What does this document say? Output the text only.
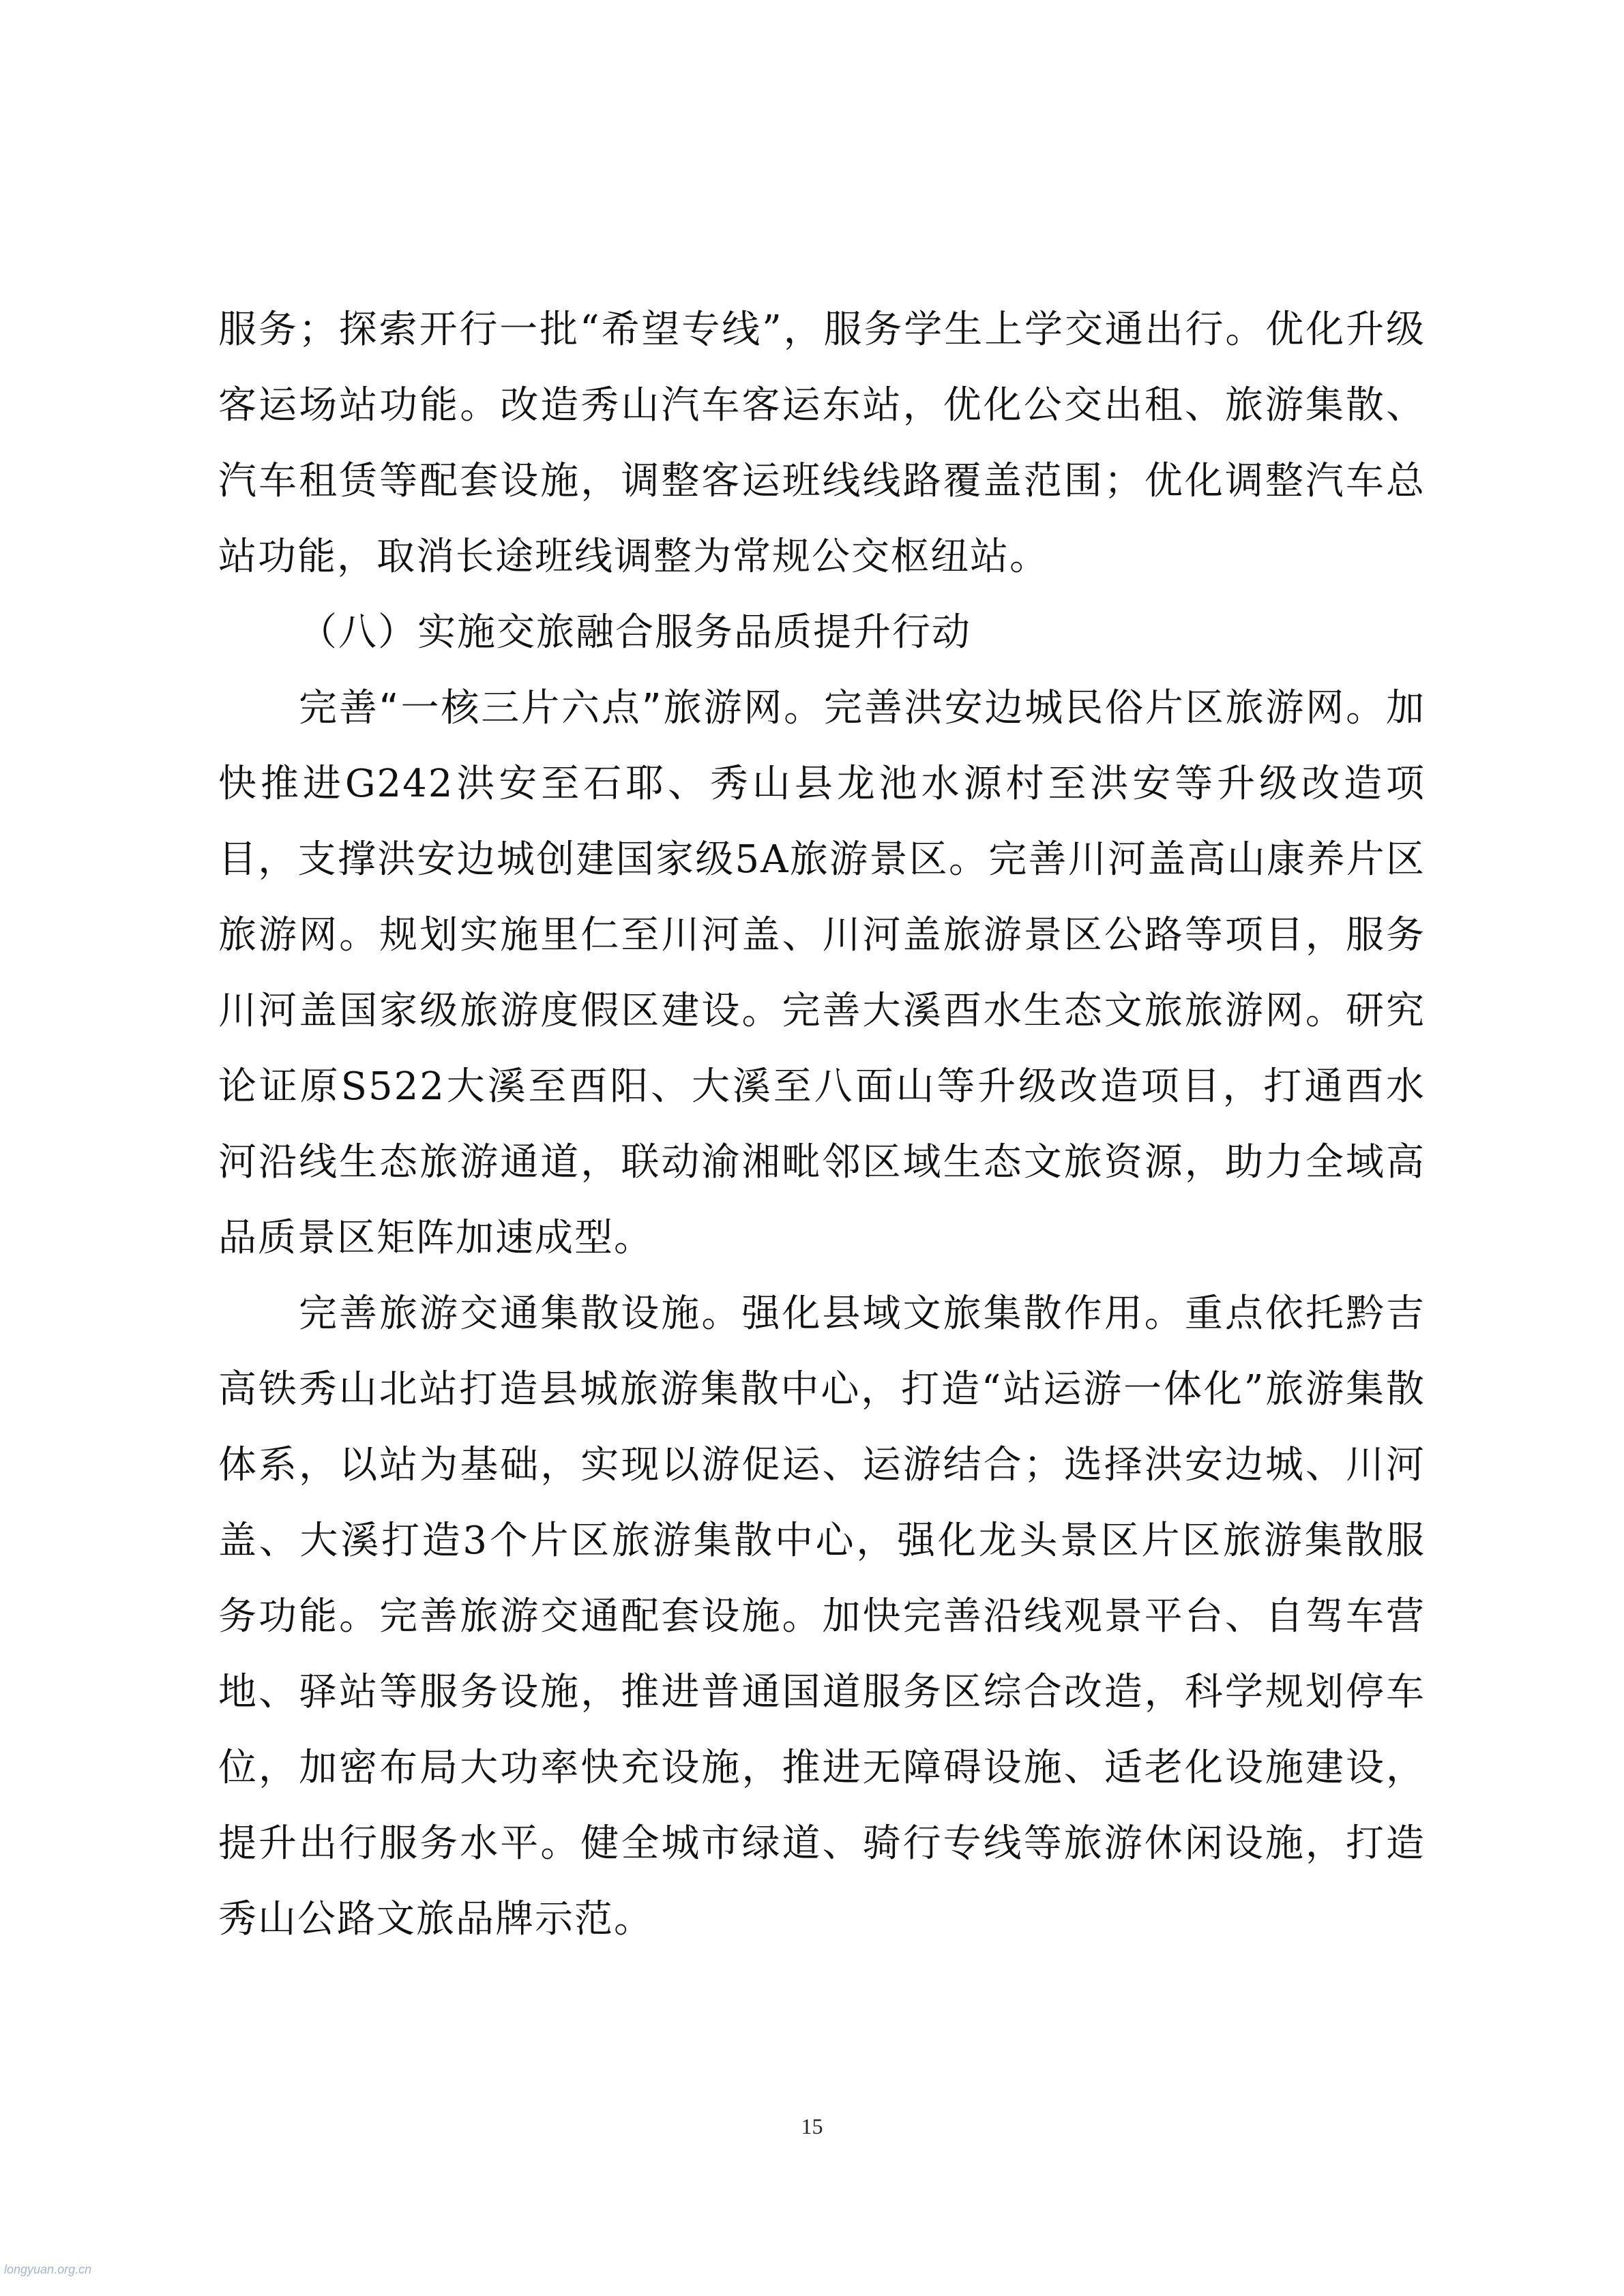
服务；探索开行一批“希望专线”，服务学生上学交通出行。优化升级客运场站功能。改造秀山汽车客运东站，优化公交出租、旅游集散、汽车租赁等配套设施，调整客运班线线路覆盖范围；优化调整汽车总站功能，取消长途班线调整为常规公交枢纽站。

（八）实施交旅融合服务品质提升行动

完善“一核三片六点”旅游网。完善洪安边城民俗片区旅游网。加快推进G242洪安至石耶、秀山县龙池水源村至洪安等升级改造项目，支撑洪安边城创建国家级5A旅游景区。完善川河盖高山康养片区旅游网。规划实施里仁至川河盖、川河盖旅游景区公路等项目，服务川河盖国家级旅游度假区建设。完善大溪酉水生态文旅旅游网。研究论证原S522大溪至酉阳、大溪至八面山等升级改造项目，打通酉水河沿线生态旅游通道，联动渝湘毗邻区域生态文旅资源，助力全域高品质景区矩阵加速成型。

完善旅游交通集散设施。强化县域文旅集散作用。重点依托黔吉高铁秀山北站打造县城旅游集散中心，打造“站运游一体化”旅游集散体系，以站为基础，实现以游促运、运游结合；选择洪安边城、川河盖、大溪打造3个片区旅游集散中心，强化龙头景区片区旅游集散服务功能。完善旅游交通配套设施。加快完善沿线观景平台、自驾车营地、驿站等服务设施，推进普通国道服务区综合改造，科学规划停车位，加密布局大功率快充设施，推进无障碍设施、适老化设施建设，提升出行服务水平。健全城市绿道、骑行专线等旅游休闲设施，打造秀山公路文旅品牌示范。

15
longyuan.org.cn
